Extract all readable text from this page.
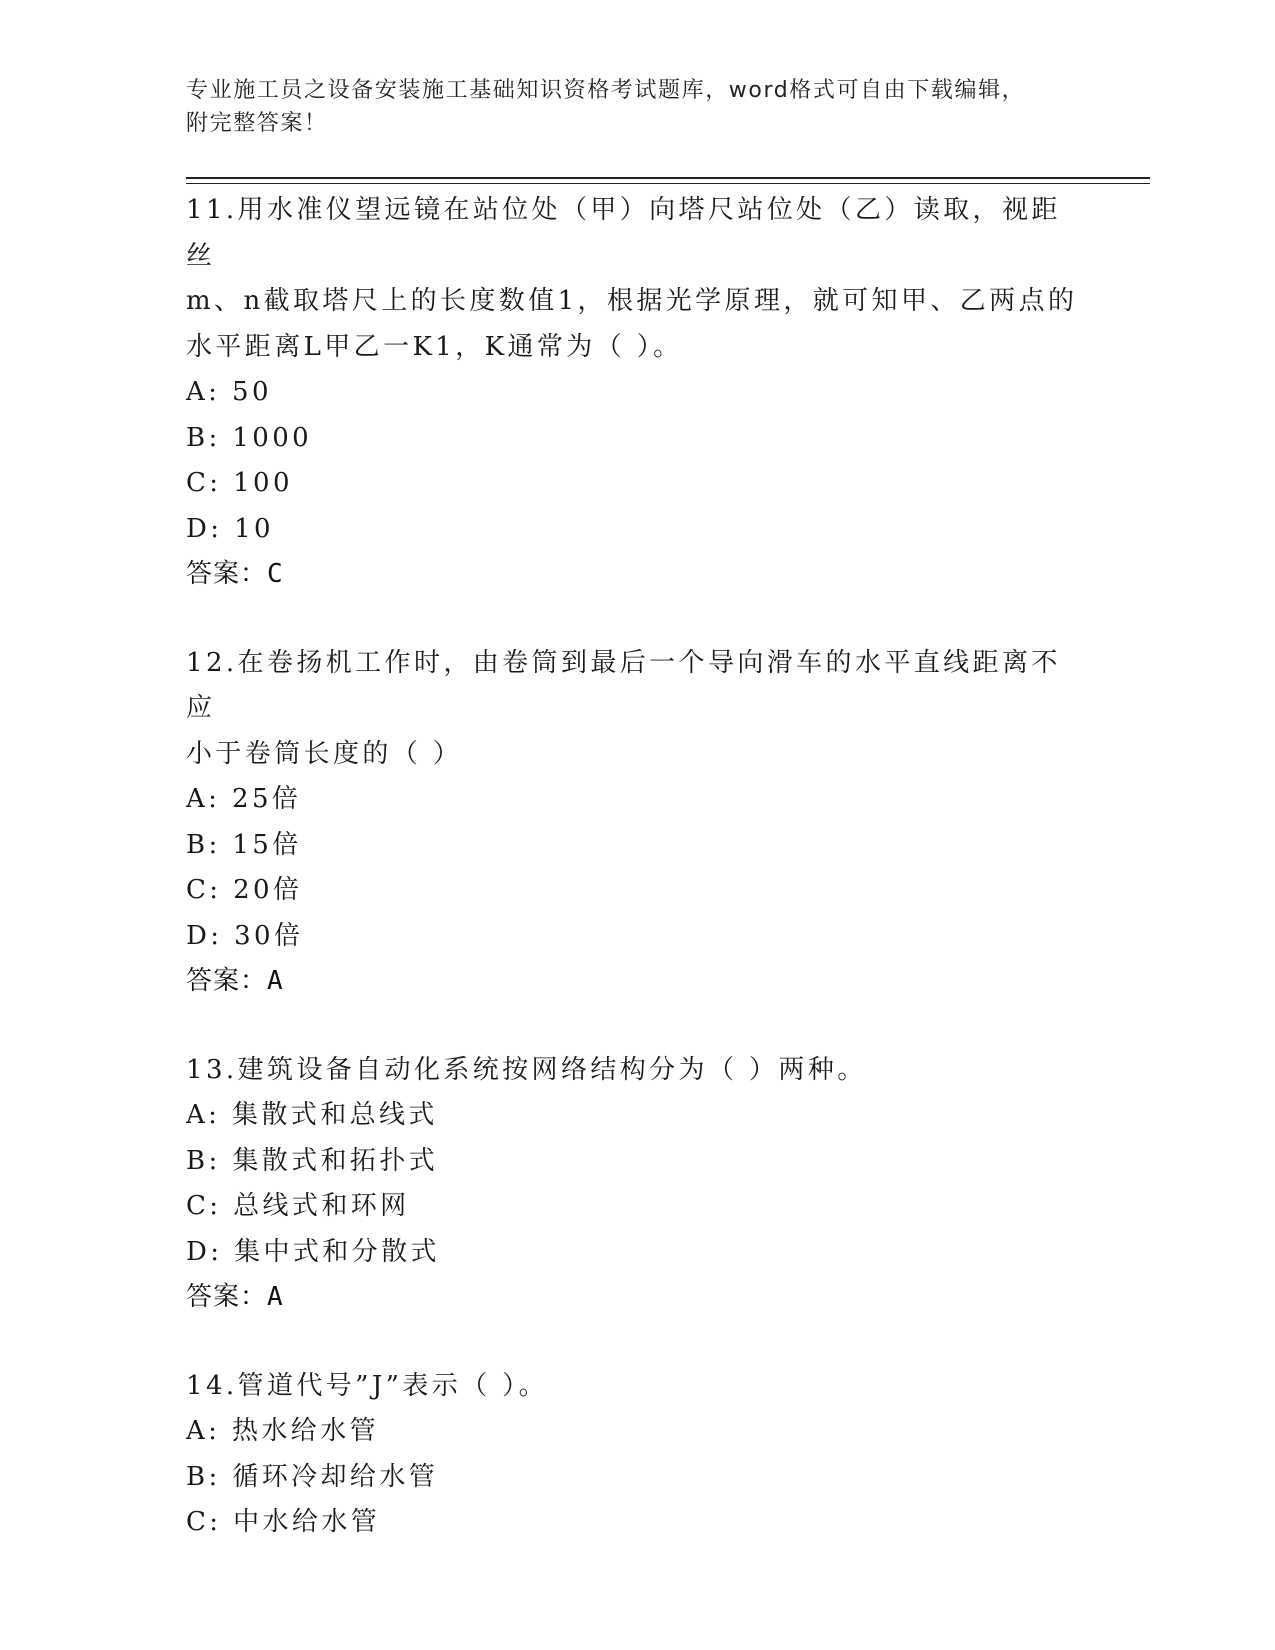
专业施工员之设备安装施工基础知识资格考试题库，word格式可自由下载编辑，

附完整答案！

11.用水准仪望远镜在站位处（甲）向塔尺站位处（乙）读取，视距丝

m、n截取塔尺上的长度数值1，根据光学原理，就可知甲、乙两点的

水平距离L甲乙一K1，K通常为（ ）。

A: 50

B: 1000

C: 100

D: 10

答案：C

12.在卷扬机工作时，由卷筒到最后一个导向滑车的水平直线距离不应

小于卷筒长度的（ ）

A: 25倍

B: 15倍

C: 20倍

D: 30倍

答案：A

13.建筑设备自动化系统按网络结构分为（ ）两种。

A: 集散式和总线式

B: 集散式和拓扑式

C: 总线式和环网

D: 集中式和分散式

答案：A

14.管道代号”J”表示（ ）。

A: 热水给水管

B: 循环冷却给水管

C: 中水给水管
